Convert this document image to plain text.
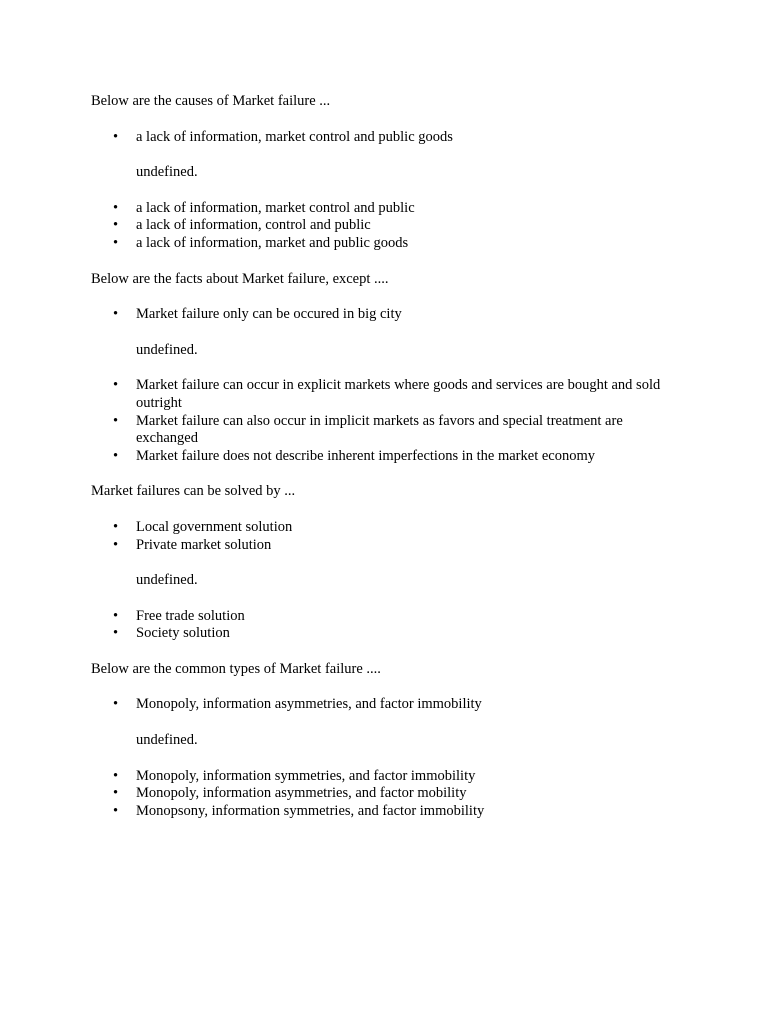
Below are the causes of Market failure ...

• a lack of information, market control and public goods

undefined.

• a lack of information, market control and public
• a lack of information, control and public
• a lack of information, market and public goods

Below are the facts about Market failure, except ....

• Market failure only can be occured in big city

undefined.

• Market failure can occur in explicit markets where goods and services are bought and sold outright
• Market failure can also occur in implicit markets as favors and special treatment are exchanged
• Market failure does not describe inherent imperfections in the market economy

Market failures can be solved by ...

• Local government solution
• Private market solution

undefined.

• Free trade solution
• Society solution

Below are the common types of Market failure ....

• Monopoly, information asymmetries, and factor immobility

undefined.

• Monopoly, information symmetries, and factor immobility
• Monopoly, information asymmetries, and factor mobility
• Monopsony, information symmetries, and factor immobility
